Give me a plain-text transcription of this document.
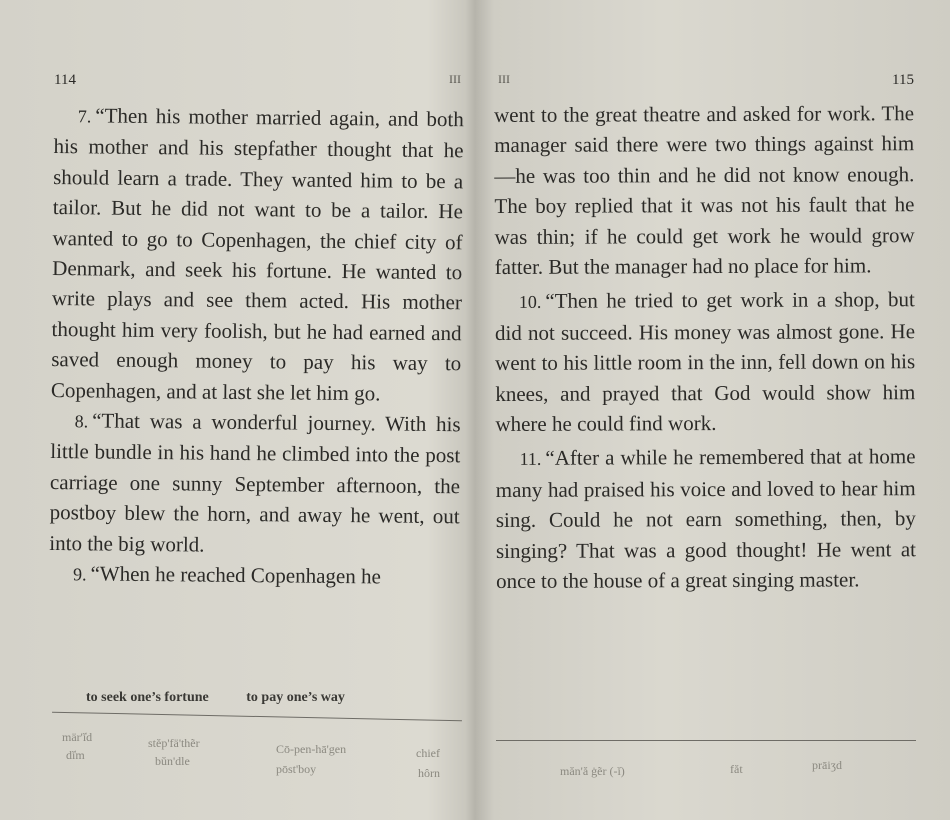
114	III

7. “Then his mother married again, and both his mother and his stepfather thought that he should learn a trade. They wanted him to be a tailor. But he did not want to be a tailor. He wanted to go to Copenhagen, the chief city of Denmark, and seek his fortune. He wanted to write plays and see them acted. His mother thought him very foolish, but he had earned and saved enough money to pay his way to Copenhagen, and at last she let him go.

8. “That was a wonderful journey. With his little bundle in his hand he climbed into the post carriage one sunny September afternoon, the postboy blew the horn, and away he went, out into the big world.

9. “When he reached Copenhagen he

to seek one’s fortune	to pay one’s way
mär'ĭ̍d	stĕp'fä'thẽr	Cō-pen-hā'gen	chief
dĭ̍m	bŭn'dle
pōst'boy	hôrn
III	115

went to the great theatre and asked for work. The manager said there were two things against him—he was too thin and he did not know enough. The boy replied that it was not his fault that he was thin; if he could get work he would grow fatter. But the manager had no place for him.

10. “Then he tried to get work in a shop, but did not succeed. His money was almost gone. He went to his little room in the inn, fell down on his knees, and prayed that God would show him where he could find work.

11. “After a while he remembered that at home many had praised his voice and loved to hear him sing. Could he not earn something, then, by singing? That was a good thought! He went at once to the house of a great singing master.

măn'ă ġẽr (-ĭ)	făt	prāiʒd
